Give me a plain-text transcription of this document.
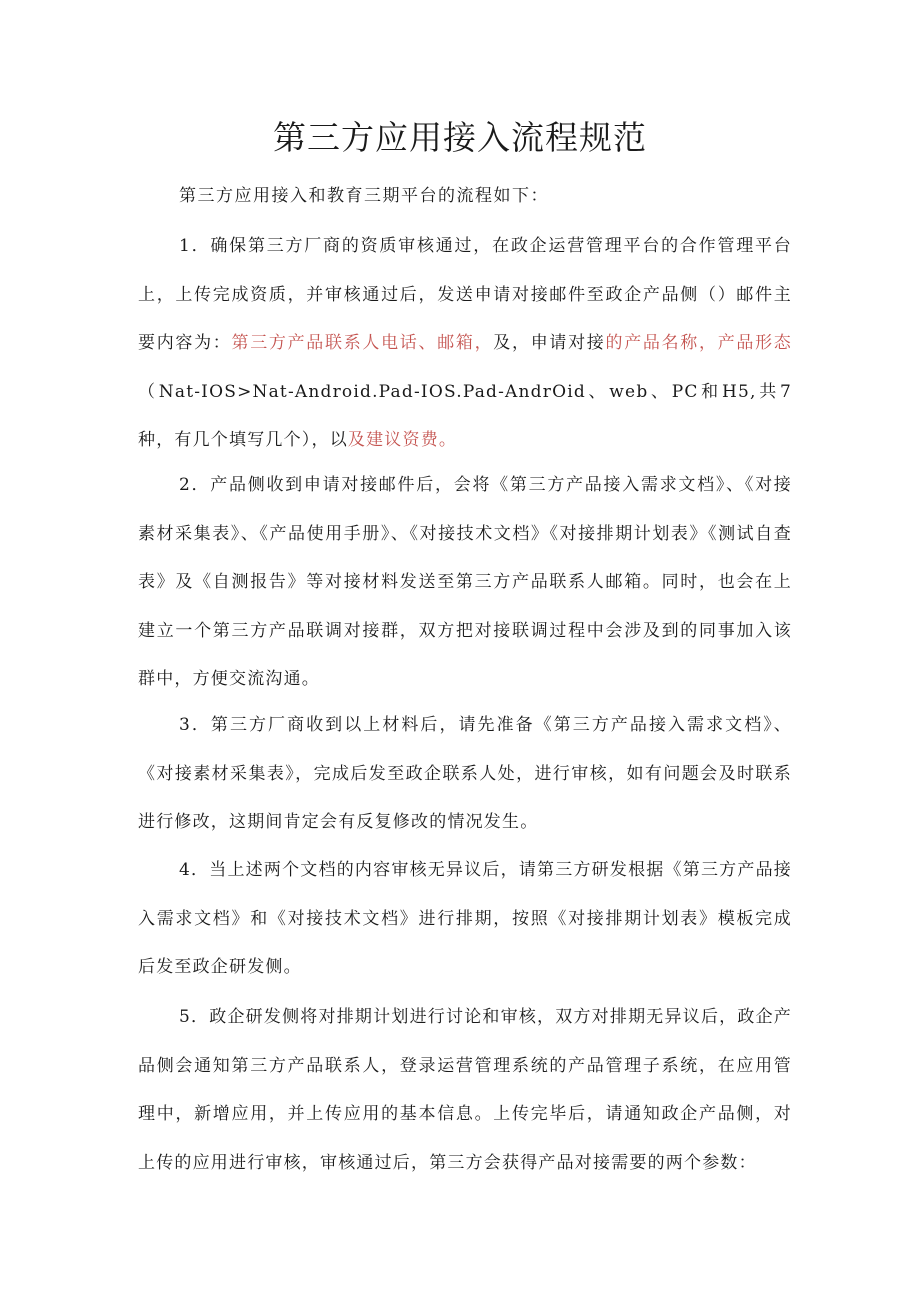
第三方应用接入流程规范

第三方应用接入和教育三期平台的流程如下：

1．确保第三方厂商的资质审核通过，在政企运营管理平台的合作管理平台上，上传完成资质，并审核通过后，发送申请对接邮件至政企产品侧（）邮件主要内容为：第三方产品联系人电话、邮箱，及，申请对接的产品名称，产品形态（Nat-IOS>Nat-Android.Pad-IOS.Pad-AndrOid、web、PC和H5,共7种，有几个填写几个），以及建议资费。

2．产品侧收到申请对接邮件后，会将《第三方产品接入需求文档》、《对接素材采集表》、《产品使用手册》、《对接技术文档》《对接排期计划表》《测试自查表》及《自测报告》等对接材料发送至第三方产品联系人邮箱。同时，也会在上建立一个第三方产品联调对接群，双方把对接联调过程中会涉及到的同事加入该群中，方便交流沟通。

3．第三方厂商收到以上材料后，请先准备《第三方产品接入需求文档》、《对接素材采集表》，完成后发至政企联系人处，进行审核，如有问题会及时联系进行修改，这期间肯定会有反复修改的情况发生。

4．当上述两个文档的内容审核无异议后，请第三方研发根据《第三方产品接入需求文档》和《对接技术文档》进行排期，按照《对接排期计划表》模板完成后发至政企研发侧。

5．政企研发侧将对排期计划进行讨论和审核，双方对排期无异议后，政企产品侧会通知第三方产品联系人，登录运营管理系统的产品管理子系统，在应用管理中，新增应用，并上传应用的基本信息。上传完毕后，请通知政企产品侧，对上传的应用进行审核，审核通过后，第三方会获得产品对接需要的两个参数：
